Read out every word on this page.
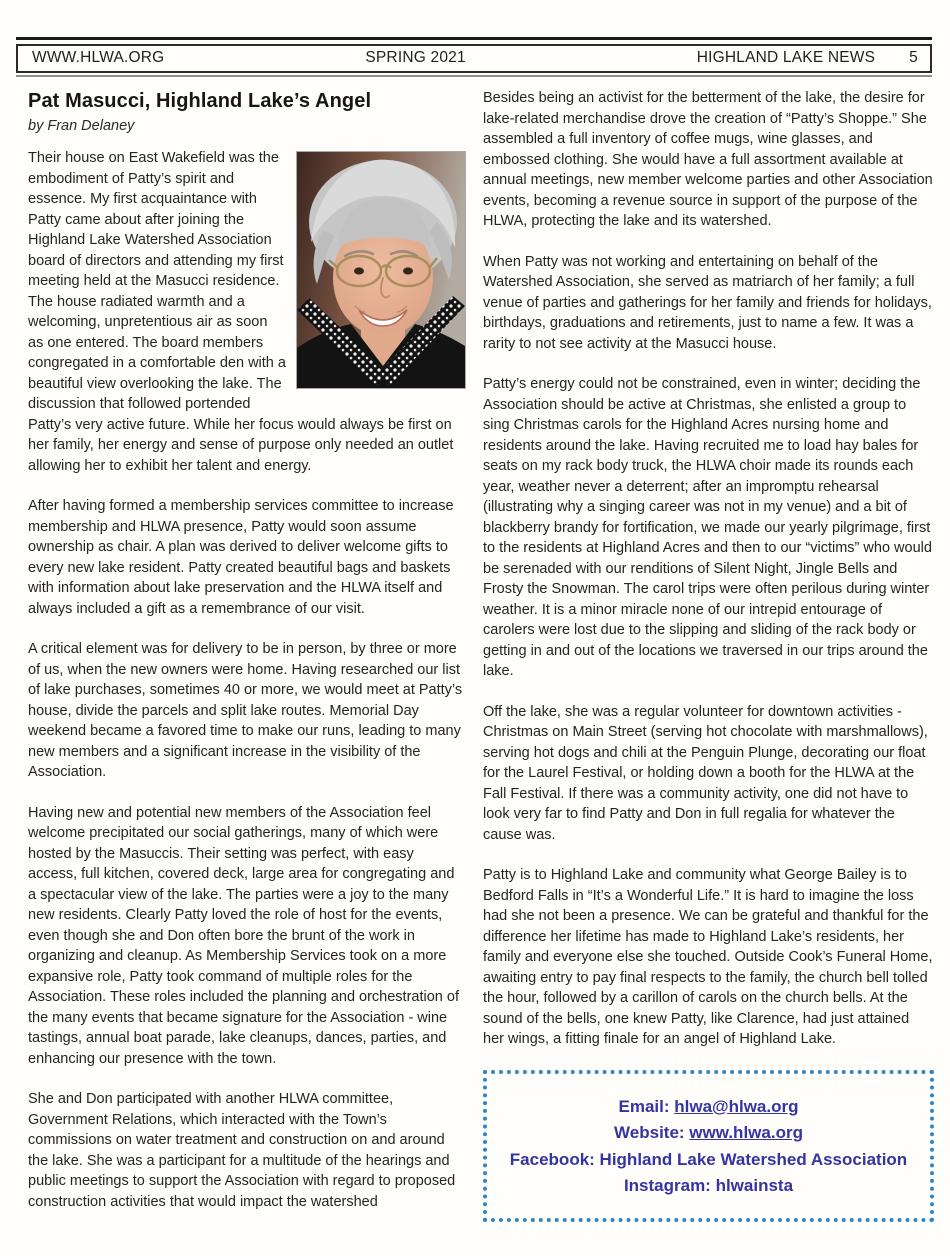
WWW.HLWA.ORG	SPRING 2021	HIGHLAND LAKE NEWS 5
Pat Masucci, Highland Lake’s Angel
by Fran Delaney
Their house on East Wakefield was the embodiment of Patty’s spirit and essence. My first acquaintance with Patty came about after joining the Highland Lake Watershed Association board of directors and attending my first meeting held at the Masucci residence. The house radiated warmth and a welcoming, unpretentious air as soon as one entered. The board members congregated in a comfortable den with a beautiful view overlooking the lake. The discussion that followed portended Patty’s very active future. While her focus would always be first on her family, her energy and sense of purpose only needed an outlet allowing her to exhibit her talent and energy.
After having formed a membership services committee to increase membership and HLWA presence, Patty would soon assume ownership as chair. A plan was derived to deliver welcome gifts to every new lake resident. Patty created beautiful bags and baskets with information about lake preservation and the HLWA itself and always included a gift as a remembrance of our visit.
A critical element was for delivery to be in person, by three or more of us, when the new owners were home. Having researched our list of lake purchases, sometimes 40 or more, we would meet at Patty’s house, divide the parcels and split lake routes. Memorial Day weekend became a favored time to make our runs, leading to many new members and a significant increase in the visibility of the Association.
Having new and potential new members of the Association feel welcome precipitated our social gatherings, many of which were hosted by the Masuccis. Their setting was perfect, with easy access, full kitchen, covered deck, large area for congregating and a spectacular view of the lake. The parties were a joy to the many new residents. Clearly Patty loved the role of host for the events, even though she and Don often bore the brunt of the work in organizing and cleanup. As Membership Services took on a more expansive role, Patty took command of multiple roles for the Association. These roles included the planning and orchestration of the many events that became signature for the Association - wine tastings, annual boat parade, lake cleanups, dances, parties, and enhancing our presence with the town.
She and Don participated with another HLWA committee, Government Relations, which interacted with the Town’s commissions on water treatment and construction on and around the lake. She was a participant for a multitude of the hearings and public meetings to support the Association with regard to proposed construction activities that would impact the watershed
Besides being an activist for the betterment of the lake, the desire for lake-related merchandise drove the creation of “Patty’s Shoppe.” She assembled a full inventory of coffee mugs, wine glasses, and embossed clothing. She would have a full assortment available at annual meetings, new member welcome parties and other Association events, becoming a revenue source in support of the purpose of the HLWA, protecting the lake and its watershed.
When Patty was not working and entertaining on behalf of the Watershed Association, she served as matriarch of her family; a full venue of parties and gatherings for her family and friends for holidays, birthdays, graduations and retirements, just to name a few. It was a rarity to not see activity at the Masucci house.
Patty’s energy could not be constrained, even in winter; deciding the Association should be active at Christmas, she enlisted a group to sing Christmas carols for the Highland Acres nursing home and residents around the lake. Having recruited me to load hay bales for seats on my rack body truck, the HLWA choir made its rounds each year, weather never a deterrent; after an impromptu rehearsal (illustrating why a singing career was not in my venue) and a bit of blackberry brandy for fortification, we made our yearly pilgrimage, first to the residents at Highland Acres and then to our “victims” who would be serenaded with our renditions of Silent Night, Jingle Bells and Frosty the Snowman. The carol trips were often perilous during winter weather. It is a minor miracle none of our intrepid entourage of carolers were lost due to the slipping and sliding of the rack body or getting in and out of the locations we traversed in our trips around the lake.
Off the lake, she was a regular volunteer for downtown activities - Christmas on Main Street (serving hot chocolate with marshmallows), serving hot dogs and chili at the Penguin Plunge, decorating our float for the Laurel Festival, or holding down a booth for the HLWA at the Fall Festival. If there was a community activity, one did not have to look very far to find Patty and Don in full regalia for whatever the cause was.
Patty is to Highland Lake and community what George Bailey is to Bedford Falls in “It’s a Wonderful Life.” It is hard to imagine the loss had she not been a presence. We can be grateful and thankful for the difference her lifetime has made to Highland Lake’s residents, her family and everyone else she touched. Outside Cook’s Funeral Home, awaiting entry to pay final respects to the family, the church bell tolled the hour, followed by a carillon of carols on the church bells. At the sound of the bells, one knew Patty, like Clarence, had just attained her wings, a fitting finale for an angel of Highland Lake.
Email: hlwa@hlwa.org
Website: www.hlwa.org
Facebook: Highland Lake Watershed Association
Instagram: hlwainsta
